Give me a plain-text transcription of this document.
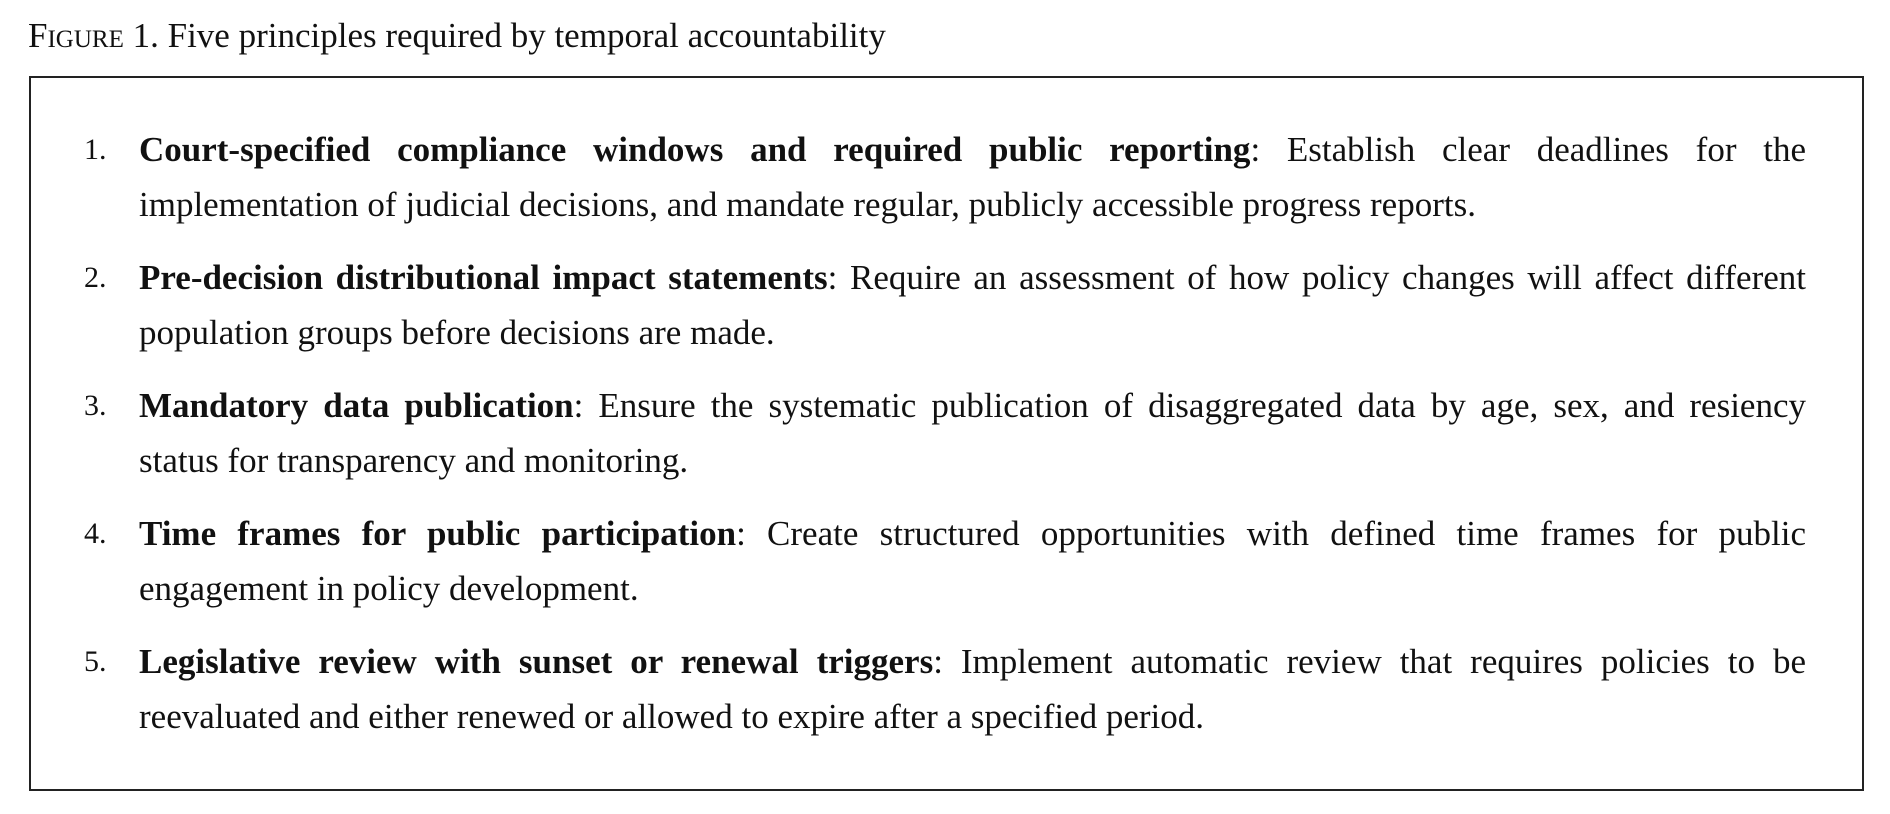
Figure 1. Five principles required by temporal accountability
1. Court-specified compliance windows and required public reporting: Establish clear deadlines for the implementation of judicial decisions, and mandate regular, publicly accessible progress reports.
2. Pre-decision distributional impact statements: Require an assessment of how policy changes will affect different population groups before decisions are made.
3. Mandatory data publication: Ensure the systematic publication of disaggregated data by age, sex, and resiency status for transparency and monitoring.
4. Time frames for public participation: Create structured opportunities with defined time frames for public engagement in policy development.
5. Legislative review with sunset or renewal triggers: Implement automatic review that requires policies to be reevaluated and either renewed or allowed to expire after a specified period.
